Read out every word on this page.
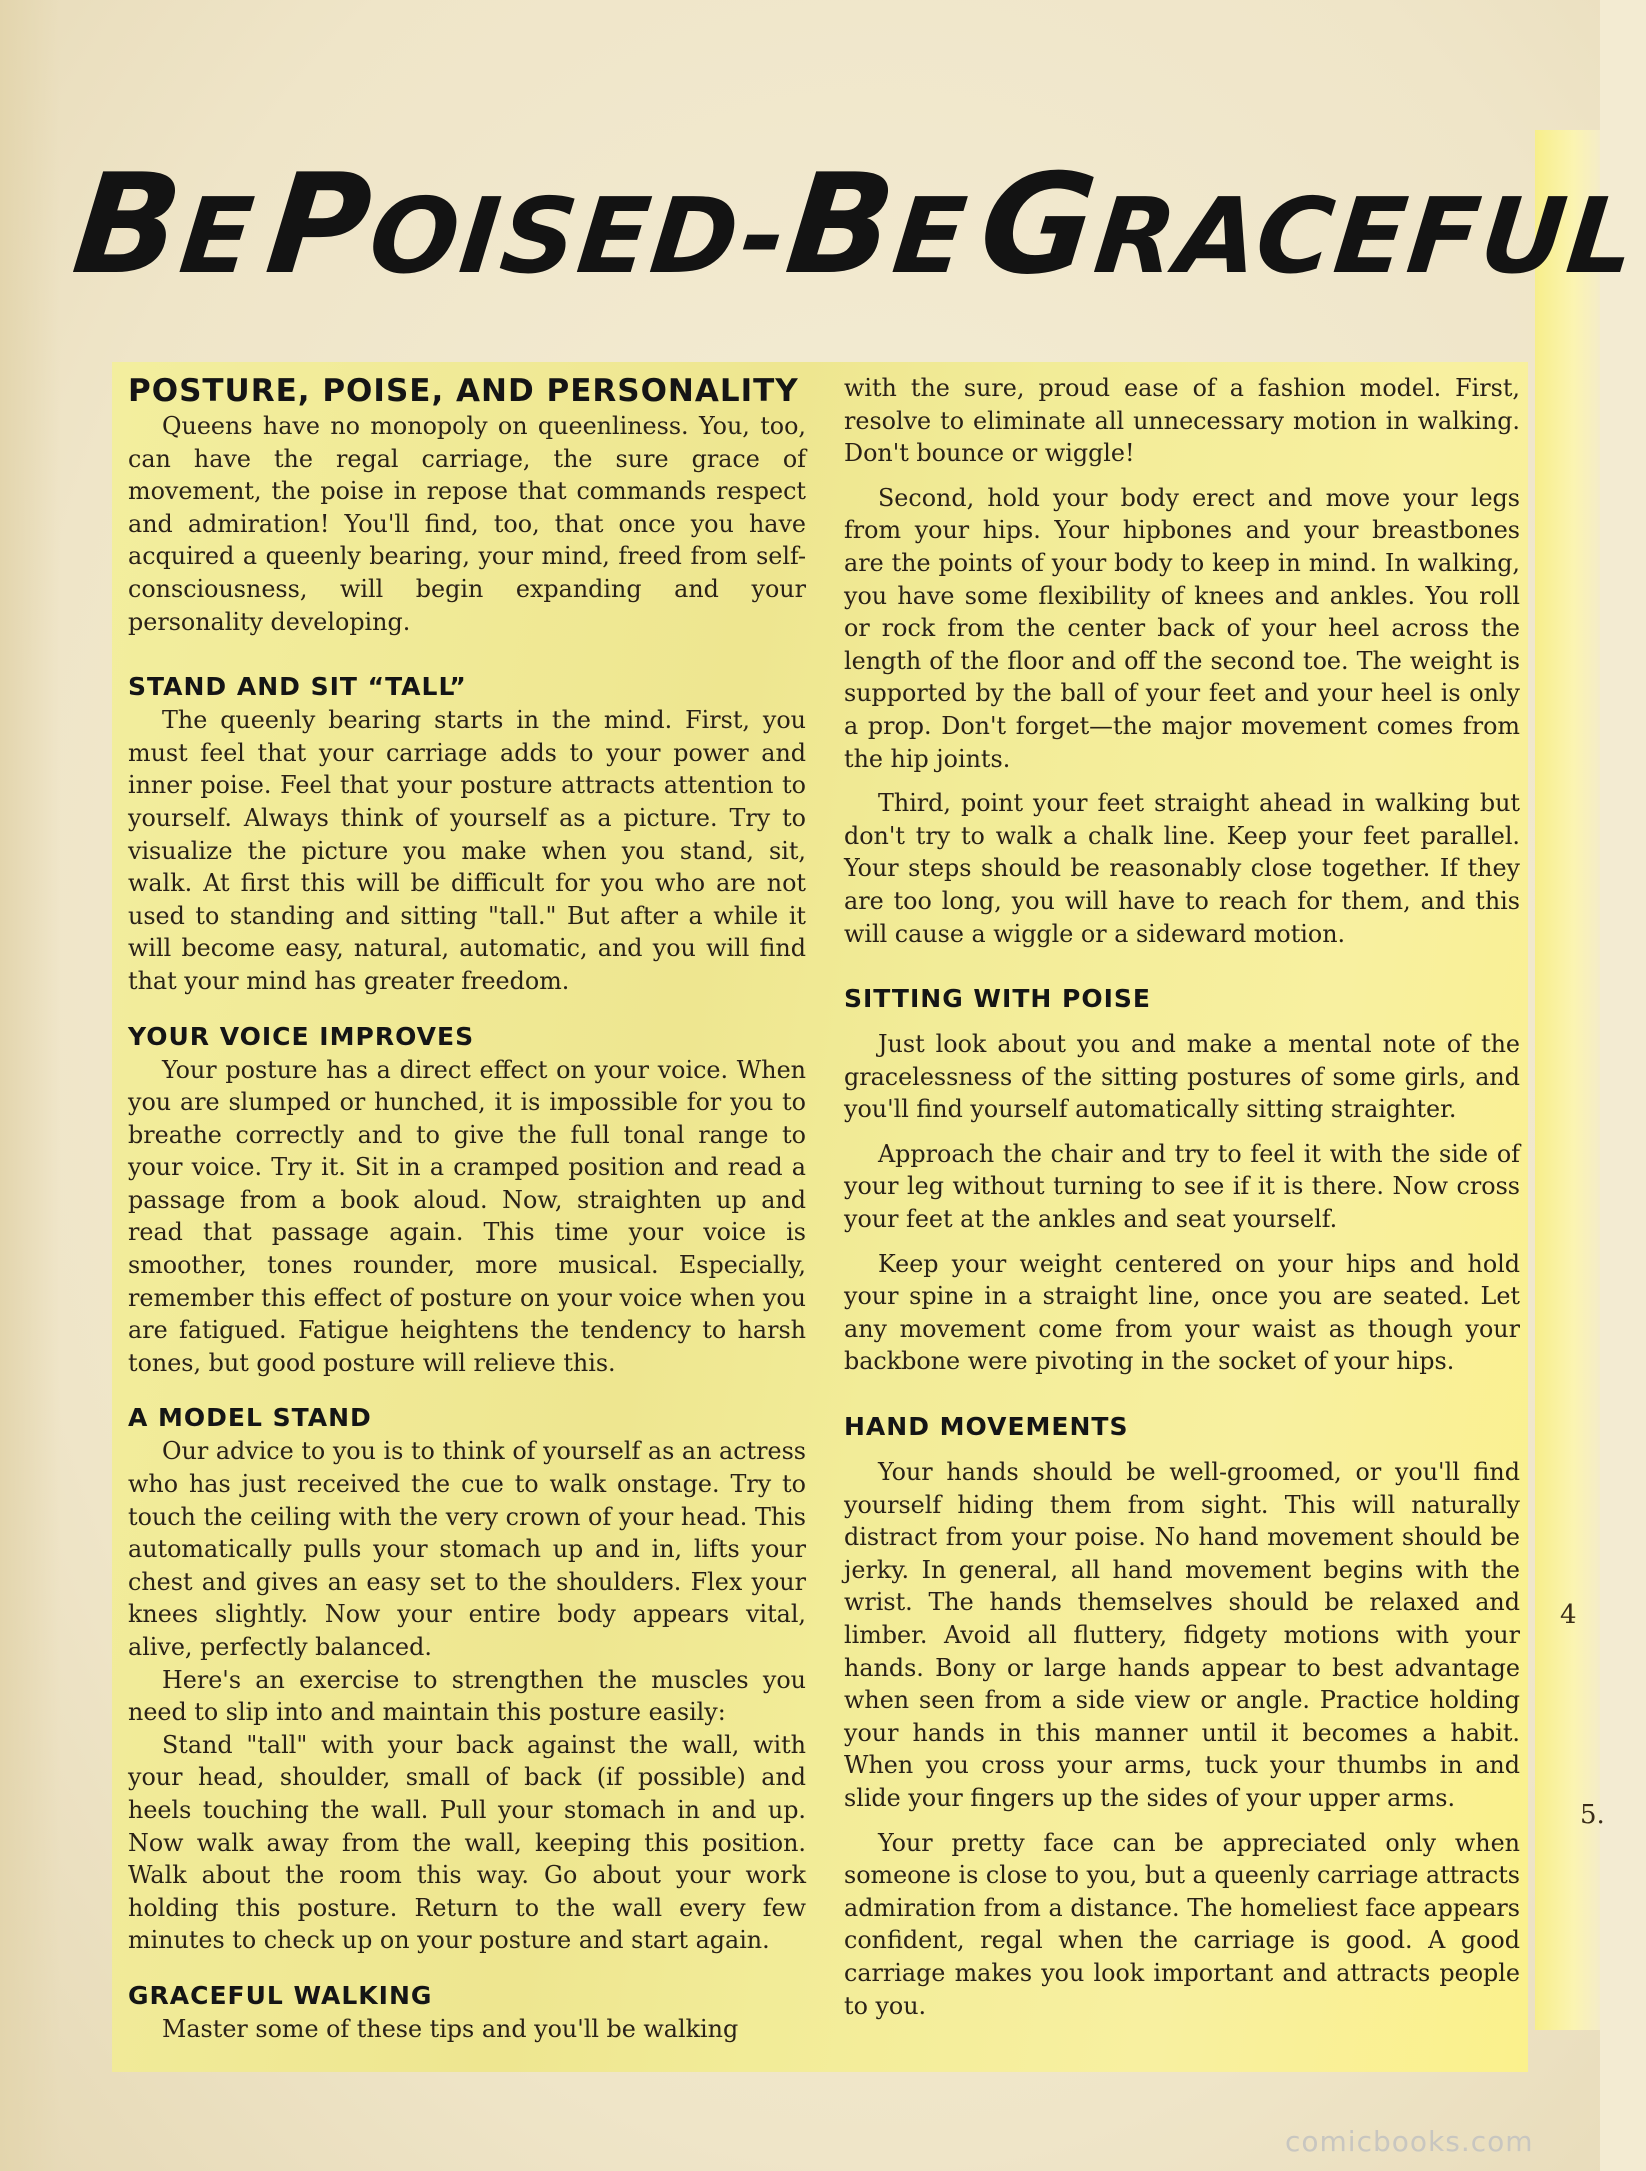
4
5.
BE POISED-BE GRACEFUL
POSTURE, POISE, AND PERSONALITY

Queens have no monopoly on queenliness. You, too, can have the regal carriage, the sure grace of movement, the poise in repose that commands respect and admiration! You'll find, too, that once you have acquired a queenly bearing, your mind, freed from self-consciousness, will begin expanding and your personality developing.

STAND AND SIT “TALL”

The queenly bearing starts in the mind. First, you must feel that your carriage adds to your power and inner poise. Feel that your posture attracts attention to yourself. Always think of yourself as a picture. Try to visualize the picture you make when you stand, sit, walk. At first this will be difficult for you who are not used to standing and sitting "tall." But after a while it will become easy, natural, automatic, and you will find that your mind has greater freedom.

YOUR VOICE IMPROVES

Your posture has a direct effect on your voice. When you are slumped or hunched, it is impossible for you to breathe correctly and to give the full tonal range to your voice. Try it. Sit in a cramped position and read a passage from a book aloud. Now, straighten up and read that passage again. This time your voice is smoother, tones rounder, more musical. Especially, remember this effect of posture on your voice when you are fatigued. Fatigue heightens the tendency to harsh tones, but good posture will relieve this.

A MODEL STAND

Our advice to you is to think of yourself as an actress who has just received the cue to walk onstage. Try to touch the ceiling with the very crown of your head. This automatically pulls your stomach up and in, lifts your chest and gives an easy set to the shoulders. Flex your knees slightly. Now your entire body appears vital, alive, perfectly balanced.

Here's an exercise to strengthen the muscles you need to slip into and maintain this posture easily:

Stand "tall" with your back against the wall, with your head, shoulder, small of back (if possible) and heels touching the wall. Pull your stomach in and up. Now walk away from the wall, keeping this position. Walk about the room this way. Go about your work holding this posture. Return to the wall every few minutes to check up on your posture and start again.

GRACEFUL WALKING

Master some of these tips and you'll be walking

with the sure, proud ease of a fashion model. First, resolve to eliminate all unnecessary motion in walking. Don't bounce or wiggle!

Second, hold your body erect and move your legs from your hips. Your hipbones and your breastbones are the points of your body to keep in mind. In walking, you have some flexibility of knees and ankles. You roll or rock from the center back of your heel across the length of the floor and off the second toe. The weight is supported by the ball of your feet and your heel is only a prop. Don't forget—the major movement comes from the hip joints.

Third, point your feet straight ahead in walking but don't try to walk a chalk line. Keep your feet parallel. Your steps should be reasonably close together. If they are too long, you will have to reach for them, and this will cause a wiggle or a sideward motion.

SITTING WITH POISE

Just look about you and make a mental note of the gracelessness of the sitting postures of some girls, and you'll find yourself automatically sitting straighter.

Approach the chair and try to feel it with the side of your leg without turning to see if it is there. Now cross your feet at the ankles and seat yourself.

Keep your weight centered on your hips and hold your spine in a straight line, once you are seated. Let any movement come from your waist as though your backbone were pivoting in the socket of your hips.

HAND MOVEMENTS

Your hands should be well-groomed, or you'll find yourself hiding them from sight. This will naturally distract from your poise. No hand movement should be jerky. In general, all hand movement begins with the wrist. The hands themselves should be relaxed and limber. Avoid all fluttery, fidgety motions with your hands. Bony or large hands appear to best advantage when seen from a side view or angle. Practice holding your hands in this manner until it becomes a habit. When you cross your arms, tuck your thumbs in and slide your fingers up the sides of your upper arms.

Your pretty face can be appreciated only when someone is close to you, but a queenly carriage attracts admiration from a distance. The homeliest face appears confident, regal when the carriage is good. A good carriage makes you look important and attracts people to you.

comicbooks.com
